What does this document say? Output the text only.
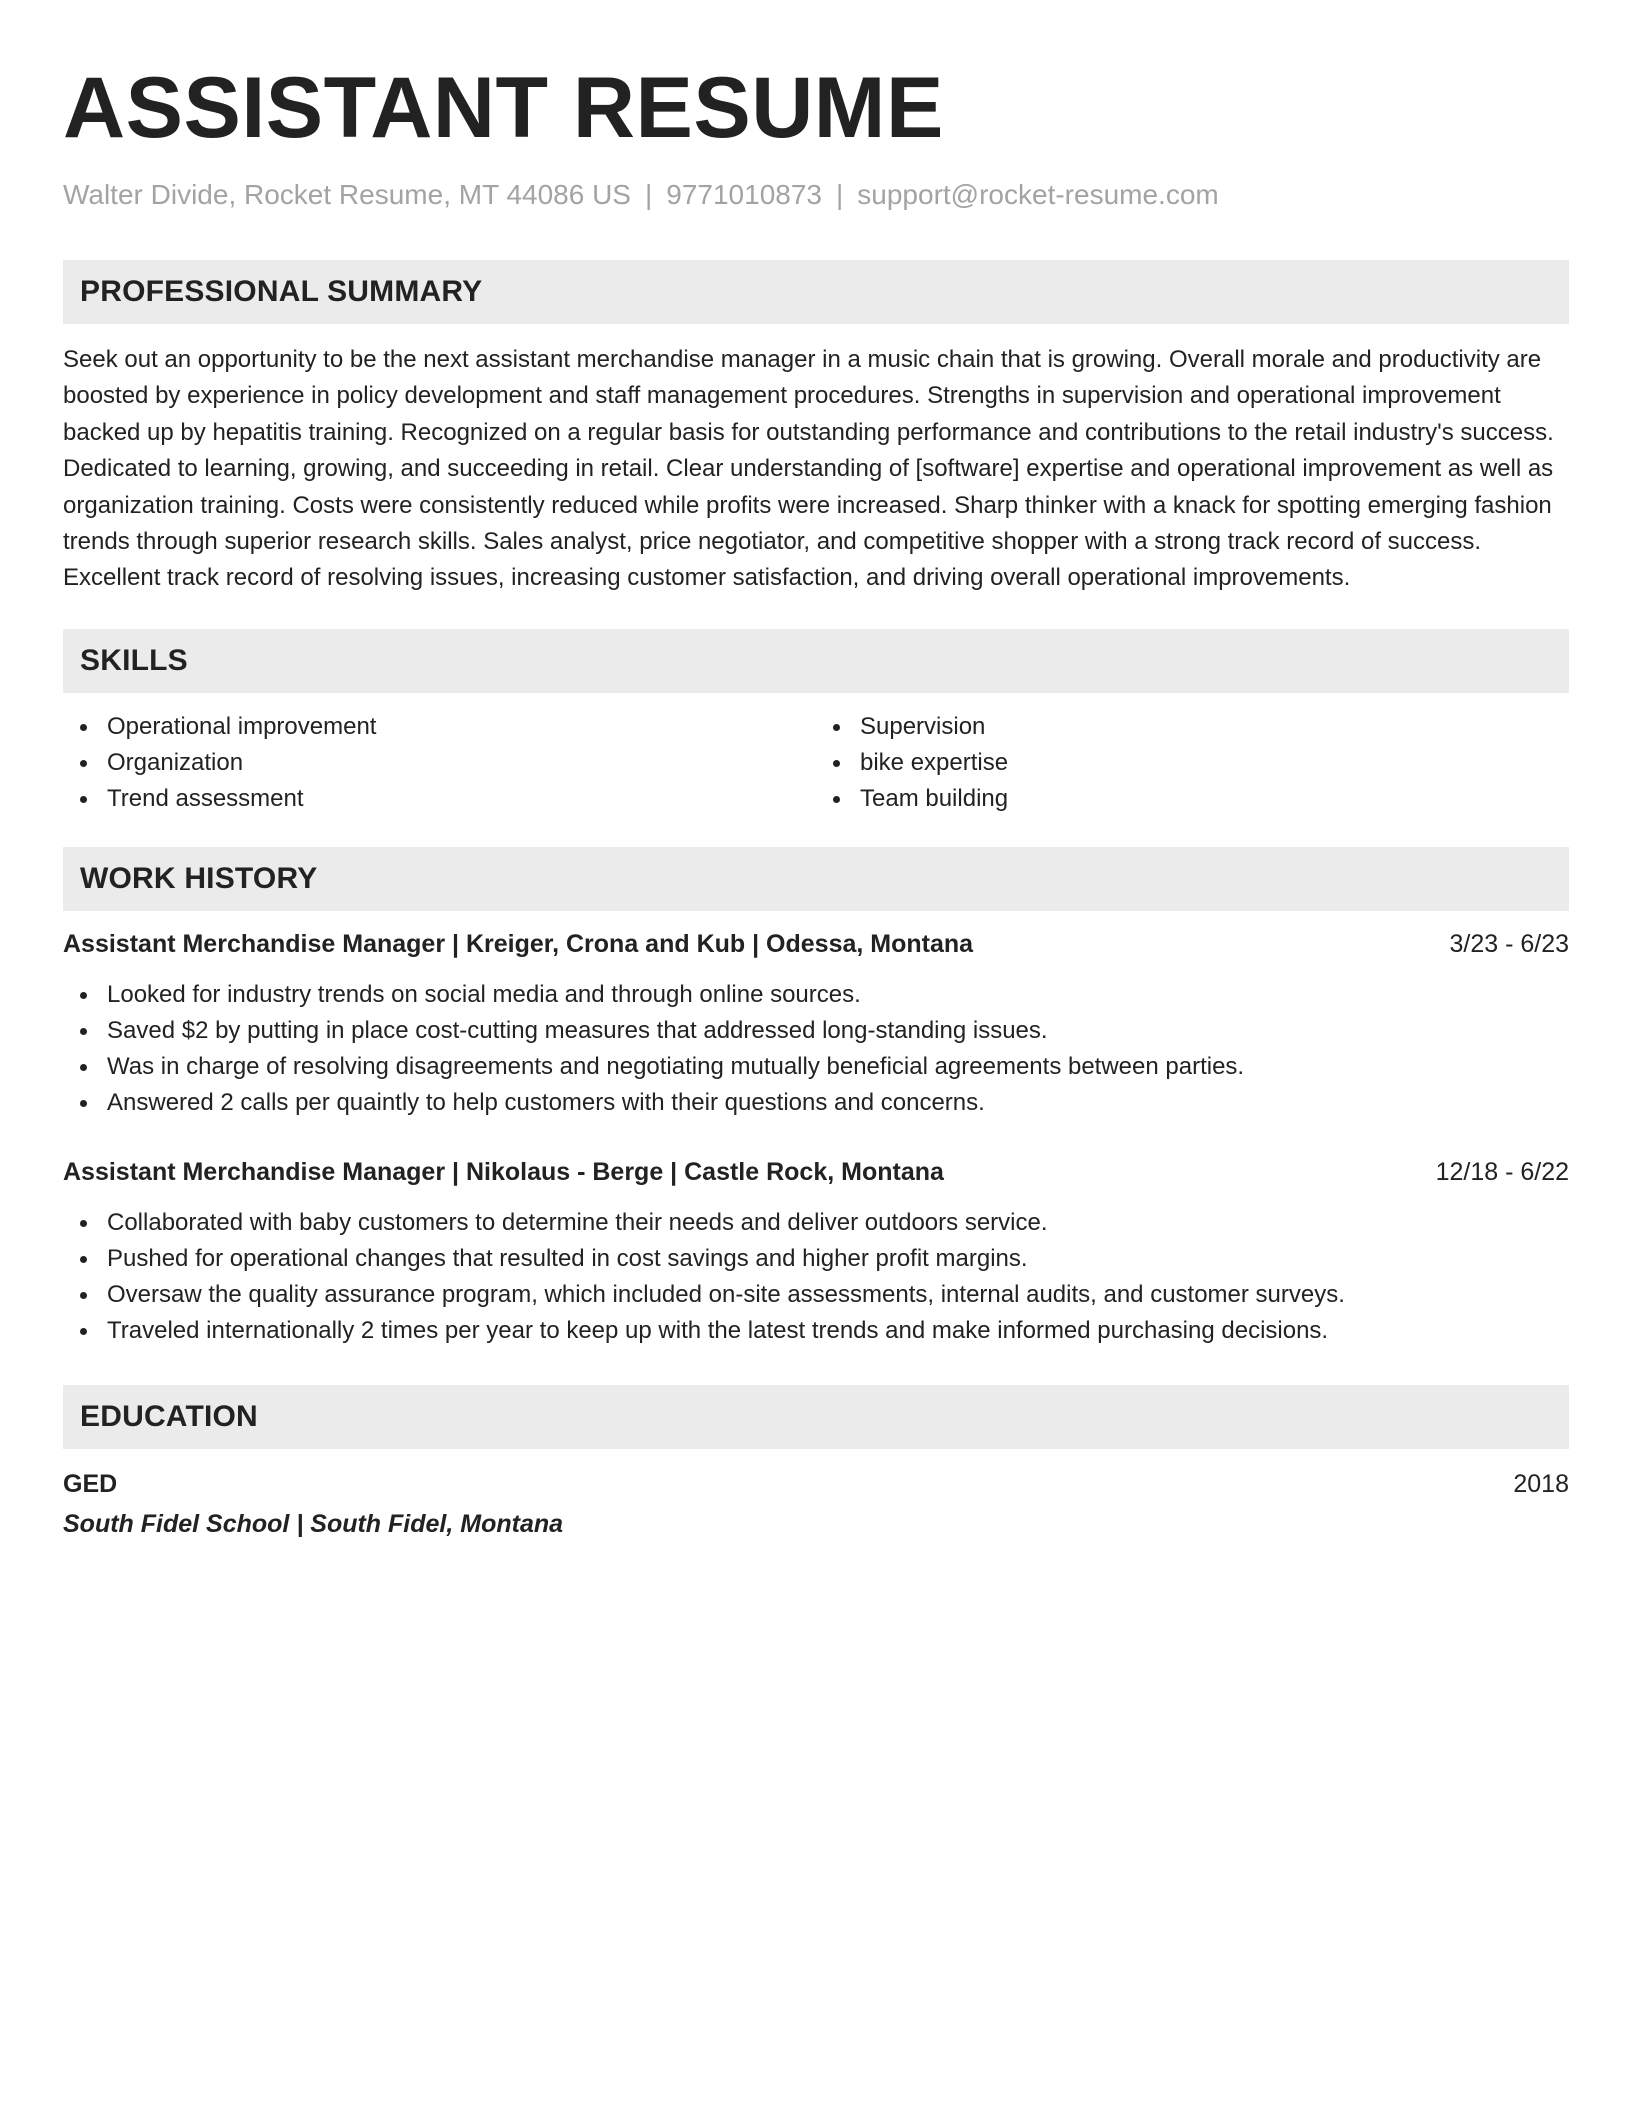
ASSISTANT RESUME
Walter Divide, Rocket Resume, MT 44086 US | 9771010873 | support@rocket-resume.com
PROFESSIONAL SUMMARY

Seek out an opportunity to be the next assistant merchandise manager in a music chain that is growing. Overall morale and productivity are boosted by experience in policy development and staff management procedures. Strengths in supervision and operational improvement backed up by hepatitis training. Recognized on a regular basis for outstanding performance and contributions to the retail industry's success. Dedicated to learning, growing, and succeeding in retail. Clear understanding of [software] expertise and operational improvement as well as organization training. Costs were consistently reduced while profits were increased. Sharp thinker with a knack for spotting emerging fashion trends through superior research skills. Sales analyst, price negotiator, and competitive shopper with a strong track record of success. Excellent track record of resolving issues, increasing customer satisfaction, and driving overall operational improvements.

SKILLS
Operational improvement
Organization
Trend assessment
Supervision
bike expertise
Team building
WORK HISTORY
Assistant Merchandise Manager | Kreiger, Crona and Kub | Odessa, Montana	3/23 - 6/23
Looked for industry trends on social media and through online sources.
Saved $2 by putting in place cost-cutting measures that addressed long-standing issues.
Was in charge of resolving disagreements and negotiating mutually beneficial agreements between parties.
Answered 2 calls per quaintly to help customers with their questions and concerns.
Assistant Merchandise Manager | Nikolaus - Berge | Castle Rock, Montana	12/18 - 6/22
Collaborated with baby customers to determine their needs and deliver outdoors service.
Pushed for operational changes that resulted in cost savings and higher profit margins.
Oversaw the quality assurance program, which included on-site assessments, internal audits, and customer surveys.
Traveled internationally 2 times per year to keep up with the latest trends and make informed purchasing decisions.
EDUCATION
GED	2018
South Fidel School | South Fidel, Montana
